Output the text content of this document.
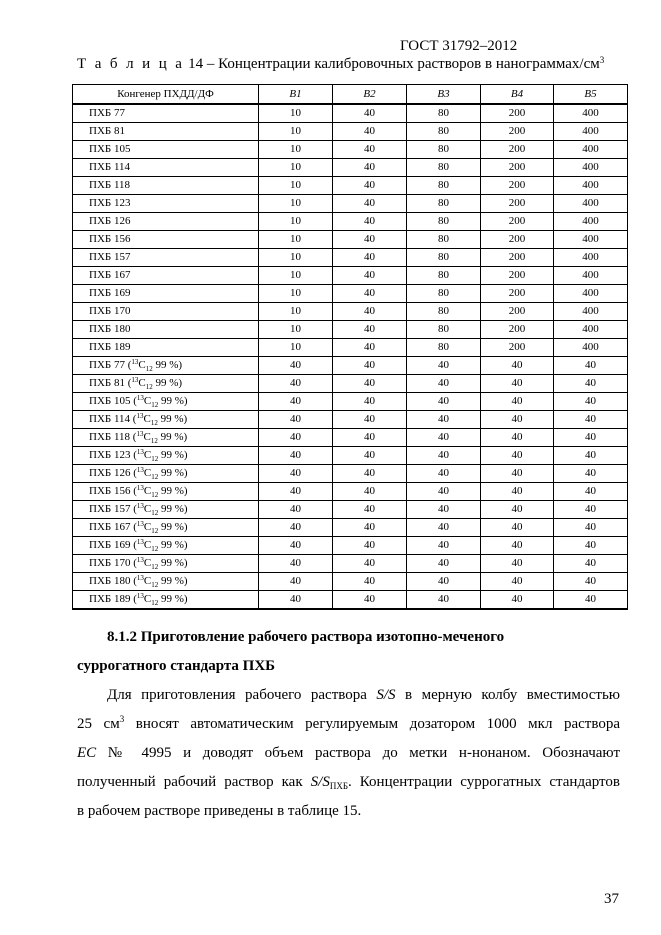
ГОСТ 31792–2012
Т а б л и ц а 14 – Концентрации калибровочных растворов в нанограммах/$см^3$
Конгенер ПХДД/ДФ	В1	В2	В3	В4	В5
ПХБ 77	10	40	80	200	400
ПХБ 81	10	40	80	200	400
ПХБ 105	10	40	80	200	400
ПХБ 114	10	40	80	200	400
ПХБ 118	10	40	80	200	400
ПХБ 123	10	40	80	200	400
ПХБ 126	10	40	80	200	400
ПХБ 156	10	40	80	200	400
ПХБ 157	10	40	80	200	400
ПХБ 167	10	40	80	200	400
ПХБ 169	10	40	80	200	400
ПХБ 170	10	40	80	200	400
ПХБ 180	10	40	80	200	400
ПХБ 189	10	40	80	200	400
ПХБ 77 ($^{13}C_{12}$ 99 %)	40	40	40	40	40
ПХБ 81 ($^{13}C_{12}$ 99 %)	40	40	40	40	40
ПХБ 105 ($^{13}C_{12}$ 99 %)	40	40	40	40	40
ПХБ 114 ($^{13}C_{12}$ 99 %)	40	40	40	40	40
ПХБ 118 ($^{13}C_{12}$ 99 %)	40	40	40	40	40
ПХБ 123 ($^{13}C_{12}$ 99 %)	40	40	40	40	40
ПХБ 126 ($^{13}C_{12}$ 99 %)	40	40	40	40	40
ПХБ 156 ($^{13}C_{12}$ 99 %)	40	40	40	40	40
ПХБ 157 ($^{13}C_{12}$ 99 %)	40	40	40	40	40
ПХБ 167 ($^{13}C_{12}$ 99 %)	40	40	40	40	40
ПХБ 169 ($^{13}C_{12}$ 99 %)	40	40	40	40	40
ПХБ 170 ($^{13}C_{12}$ 99 %)	40	40	40	40	40
ПХБ 180 ($^{13}C_{12}$ 99 %)	40	40	40	40	40
ПХБ 189 ($^{13}C_{12}$ 99 %)	40	40	40	40	40
8.1.2 Приготовление рабочего раствора изотопно-меченого
суррогатного стандарта ПХБ
Для приготовления рабочего раствора S/S в мерную колбу вместимостью
25 $см^3$ вносят автоматическим регулируемым дозатором 1000 мкл раствора
EC № 4995 и доводят объем раствора до метки н-нонаном. Обозначают
полученный рабочий раствор как $S/S_{ПХБ}$. Концентрации суррогатных стандартов
в рабочем растворе приведены в таблице 15.
37
